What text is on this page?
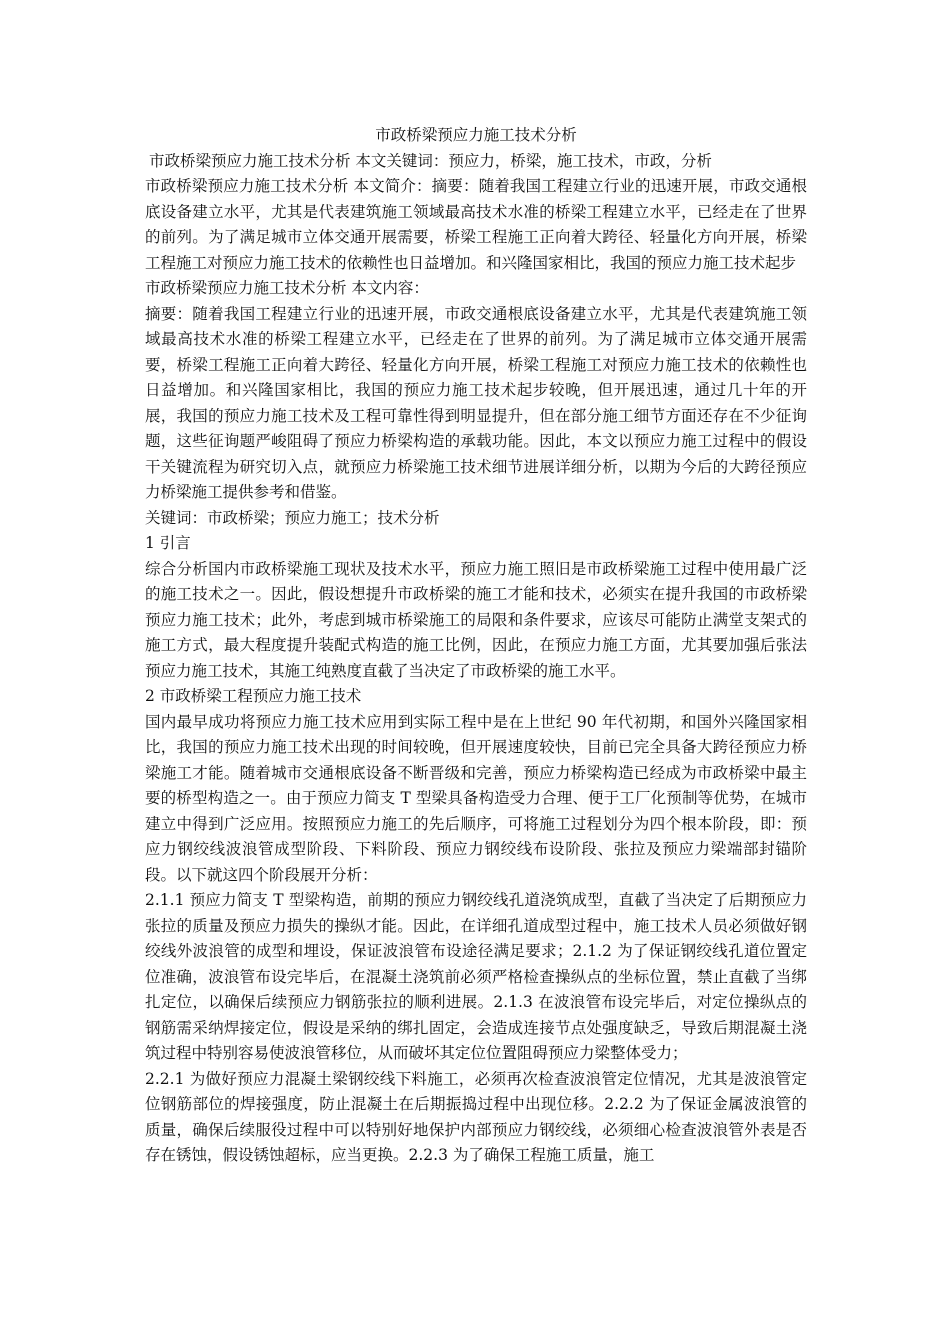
市政桥梁预应力施工技术分析

市政桥梁预应力施工技术分析 本文关键词：预应力，桥梁，施工技术，市政，分析

市政桥梁预应力施工技术分析 本文简介：摘要：随着我国工程建立行业的迅速开展，市政交通根底设备建立水平，尤其是代表建筑施工领域最高技术水准的桥梁工程建立水平，已经走在了世界的前列。为了满足城市立体交通开展需要，桥梁工程施工正向着大跨径、轻量化方向开展，桥梁工程施工对预应力施工技术的依赖性也日益增加。和兴隆国家相比，我国的预应力施工技术起步

市政桥梁预应力施工技术分析 本文内容：

摘要：随着我国工程建立行业的迅速开展，市政交通根底设备建立水平，尤其是代表建筑施工领域最高技术水准的桥梁工程建立水平，已经走在了世界的前列。为了满足城市立体交通开展需要，桥梁工程施工正向着大跨径、轻量化方向开展，桥梁工程施工对预应力施工技术的依赖性也日益增加。和兴隆国家相比，我国的预应力施工技术起步较晚，但开展迅速，通过几十年的开展，我国的预应力施工技术及工程可靠性得到明显提升，但在部分施工细节方面还存在不少征询题，这些征询题严峻阻碍了预应力桥梁构造的承载功能。因此，本文以预应力施工过程中的假设干关键流程为研究切入点，就预应力桥梁施工技术细节进展详细分析，以期为今后的大跨径预应力桥梁施工提供参考和借鉴。

关键词：市政桥梁；预应力施工；技术分析

1 引言

综合分析国内市政桥梁施工现状及技术水平，预应力施工照旧是市政桥梁施工过程中使用最广泛的施工技术之一。因此，假设想提升市政桥梁的施工才能和技术，必须实在提升我国的市政桥梁预应力施工技术；此外，考虑到城市桥梁施工的局限和条件要求，应该尽可能防止满堂支架式的施工方式，最大程度提升装配式构造的施工比例，因此，在预应力施工方面，尤其要加强后张法预应力施工技术，其施工纯熟度直截了当决定了市政桥梁的施工水平。

2 市政桥梁工程预应力施工技术

国内最早成功将预应力施工技术应用到实际工程中是在上世纪 90 年代初期，和国外兴隆国家相比，我国的预应力施工技术出现的时间较晚，但开展速度较快，目前已完全具备大跨径预应力桥梁施工才能。随着城市交通根底设备不断晋级和完善，预应力桥梁构造已经成为市政桥梁中最主要的桥型构造之一。由于预应力简支 T 型梁具备构造受力合理、便于工厂化预制等优势，在城市建立中得到广泛应用。按照预应力施工的先后顺序，可将施工过程划分为四个根本阶段，即：预应力钢绞线波浪管成型阶段、下料阶段、预应力钢绞线布设阶段、张拉及预应力梁端部封锚阶段。以下就这四个阶段展开分析：

2.1.1 预应力简支 T 型梁构造，前期的预应力钢绞线孔道浇筑成型，直截了当决定了后期预应力张拉的质量及预应力损失的操纵才能。因此，在详细孔道成型过程中，施工技术人员必须做好钢绞线外波浪管的成型和埋设，保证波浪管布设途径满足要求；2.1.2 为了保证钢绞线孔道位置定位准确，波浪管布设完毕后，在混凝土浇筑前必须严格检查操纵点的坐标位置，禁止直截了当绑扎定位，以确保后续预应力钢筋张拉的顺利进展。2.1.3 在波浪管布设完毕后，对定位操纵点的钢筋需采纳焊接定位，假设是采纳的绑扎固定，会造成连接节点处强度缺乏，导致后期混凝土浇筑过程中特别容易使波浪管移位，从而破坏其定位位置阻碍预应力梁整体受力；

2.2.1 为做好预应力混凝土梁钢绞线下料施工，必须再次检查波浪管定位情况，尤其是波浪管定位钢筋部位的焊接强度，防止混凝土在后期振捣过程中出现位移。2.2.2 为了保证金属波浪管的质量，确保后续服役过程中可以特别好地保护内部预应力钢绞线，必须细心检查波浪管外表是否存在锈蚀，假设锈蚀超标，应当更换。2.2.3 为了确保工程施工质量，施工
